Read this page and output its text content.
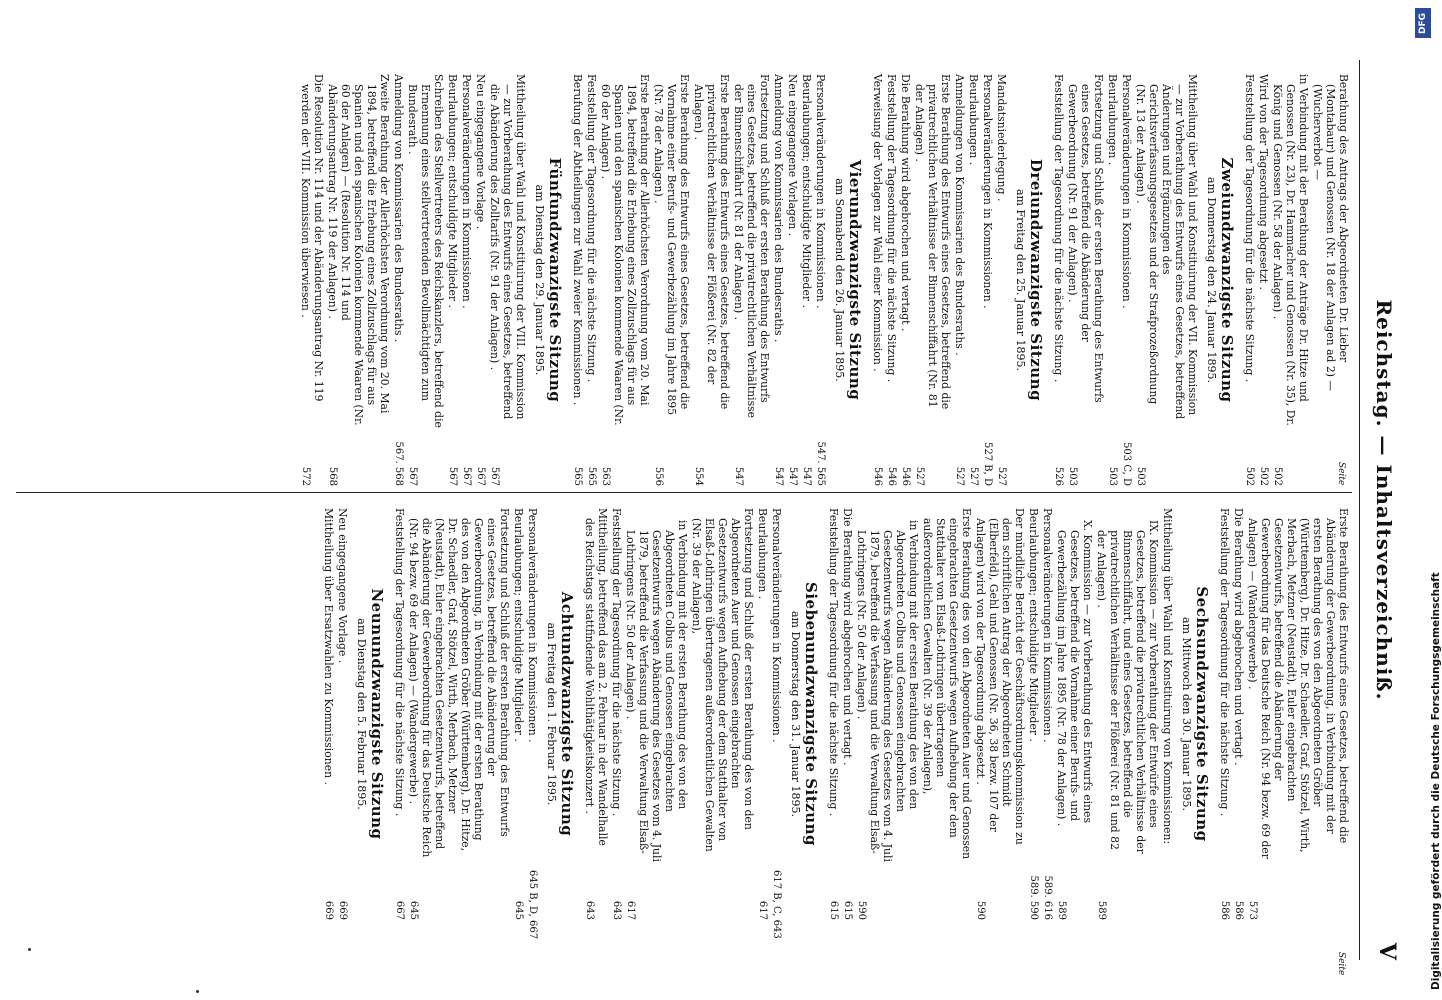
Reichstag. — Inhaltsverzeichniß.
V
Seite
Seite
Berathung des Antrags der Abgeordneten Dr. Lieber (Montabaur) und Genossen (Nr. 18 der Anlagen ad 2) — (Wucherverbot —
in Verbindung mit der Berathung der Anträge Dr. Hitze und Genossen (Nr. 23), Dr. Hammacher und Genossen (Nr. 35), Dr. König und Genossen (Nr. 58 der Anlagen) .
502
Wird von der Tagesordnung abgesetzt .
502
Feststellung der Tagesordnung für die nächste Sitzung .
502
Zweiundzwanzigste Sitzung
am Donnerstag den 24. Januar 1895.
Mittheilung über Wahl und Konstituirung der VII. Kommission — zur Vorberathung des Entwurfs eines Gesetzes, betreffend Änderungen und Ergänzungen des Gerichtsverfassungsgesetzes und der Strafprozeßordnung (Nr. 13 der Anlagen) .
503
Personalveränderungen in Kommissionen .
503 C, D
Beurlaubungen .
503
Fortsetzung und Schluß der ersten Berathung des Entwurfs eines Gesetzes, betreffend die Abänderung der Gewerbeordnung (Nr. 91 der Anlagen) .
503
Feststellung der Tagesordnung für die nächste Sitzung .
526
Dreiundzwanzigste Sitzung
am Freitag den 25. Januar 1895.
Mandatsniederlegung .
527
Personalveränderungen in Kommissionen .
527 B, D
Beurlaubungen .
527
Anmeldungen von Kommissarien des Bundesraths .
527
Erste Berathung des Entwurfs eines Gesetzes, betreffend die privatrechtlichen Verhältnisse der Binnenschiffahrt (Nr. 81 der Anlagen) .
527
Die Berathung wird abgebrochen und vertagt .
546
Feststellung der Tagesordnung für die nächste Sitzung .
546
Verweisung der Vorlagen zur Wahl einer Kommission .
546
Vierundzwanzigste Sitzung
am Sonnabend den 26. Januar 1895.
Personalveränderungen in Kommissionen .
547. 565
Beurlaubungen; entschuldigte Mitglieder .
547
Neu eingegangene Vorlagen .
547
Anmeldung von Kommissarien des Bundesraths .
547
Fortsetzung und Schluß der ersten Berathung des Entwurfs eines Gesetzes, betreffend die privatrechtlichen Verhältnisse der Binnenschiffahrt (Nr. 81 der Anlagen) .
547
Erste Berathung des Entwurfs eines Gesetzes, betreffend die privatrechtlichen Verhältnisse der Flößerei (Nr. 82 der Anlagen) .
554
Erste Berathung des Entwurfs eines Gesetzes, betreffend die Vornahme einer Berufs- und Gewerbezählung im Jahre 1895 (Nr. 78 der Anlagen) .
556
Erste Berathung der Allerhöchsten Verordnung vom 20. Mai 1894, betreffend die Erhebung eines Zollzuschlags für aus Spanien und den spanischen Kolonien kommende Waaren (Nr. 60 der Anlagen) .
563
Feststellung der Tagesordnung für die nächste Sitzung .
565
Berufung der Abtheilungen zur Wahl zweier Kommissionen .
565
Fünfundzwanzigste Sitzung
am Dienstag den 29. Januar 1895.
Mittheilung über Wahl und Konstituirung der VIII. Kommission — zur Vorberathung des Entwurfs eines Gesetzes, betreffend die Abänderung des Zolltarifs (Nr. 91 der Anlagen) .
567
Neu eingegangene Vorlage .
567
Personalveränderungen in Kommissionen .
567
Beurlaubungen; entschuldigte Mitglieder .
567
Schreiben des Stellvertreters des Reichskanzlers, betreffend die Ernennung eines stellvertretenden Bevollmächtigten zum Bundesrath .
567
Anmeldung von Kommissarien des Bundesraths .
567. 568
Zweite Berathung der Allerhöchsten Verordnung vom 20. Mai 1894, betreffend die Erhebung eines Zollzuschlags für aus Spanien und den spanischen Kolonien kommende Waaren (Nr. 60 der Anlagen) — (Resolution Nr. 114 und Abänderungsantrag Nr. 119 der Anlagen) .
568
Die Resolution Nr. 114 und der Abänderungsantrag Nr. 119 werden der VIII. Kommission überwiesen .
572
Erste Berathung des Entwurfs eines Gesetzes, betreffend die Abänderung der Gewerbeordnung, in Verbindung mit der ersten Berathung des von den Abgeordneten Gröber (Württemberg), Dr. Hitze, Dr. Schaedler, Graf, Stötzel, Wirth, Merbach, Metzner (Neustadt), Euler eingebrachten Gesetzentwurfs, betreffend die Abänderung der Gewerbeordnung für das Deutsche Reich (Nr. 94 bezw. 69 der Anlagen) — (Wandergewerbe) .
573
Die Berathung wird abgebrochen und vertagt .
586
Feststellung der Tagesordnung für die nächste Sitzung .
586
Sechsundzwanzigste Sitzung
am Mittwoch den 30. Januar 1895.
Mittheilung über Wahl und Konstituirung von Kommissionen:
IX. Kommission — zur Vorberathung der Entwürfe eines Gesetzes, betreffend die privatrechtlichen Verhältnisse der Binnenschiffahrt, und eines Gesetzes, betreffend die privatrechtlichen Verhältnisse der Flößerei (Nr. 81 und 82 der Anlagen) .
589
X. Kommission — zur Vorberathung des Entwurfs eines Gesetzes, betreffend die Vornahme einer Berufs- und Gewerbezählung im Jahre 1895 (Nr. 78 der Anlagen) .
589
Personalveränderungen in Kommissionen .
589. 616
Beurlaubungen; entschuldigte Mitglieder .
589. 590
Der mündliche Bericht der Geschäftsordnungskommission zu dem schriftlichen Antrag der Abgeordneten Schmidt (Elberfeld), Gehl und Genossen (Nr. 36, 38 bezw. 107 der Anlagen) wird von der Tagesordnung abgesetzt .
590
Erste Berathung des von den Abgeordneten Auer und Genossen eingebrachten Gesetzentwurfs wegen Aufhebung der dem Statthalter von Elsaß-Lothringen übertragenen außerordentlichen Gewalten (Nr. 39 der Anlagen),
in Verbindung mit der ersten Berathung des von den Abgeordneten Colbus und Genossen eingebrachten Gesetzentwurfs wegen Abänderung des Gesetzes vom 4. Juli 1879, betreffend die Verfassung und die Verwaltung Elsaß-Lothringens (Nr. 50 der Anlagen) .
590
Die Berathung wird abgebrochen und vertagt .
615
Feststellung der Tagesordnung für die nächste Sitzung .
615
Siebenundzwanzigste Sitzung
am Donnerstag den 31. Januar 1895.
Personalveränderungen in Kommissionen .
617 B, C, 643
Beurlaubungen .
617
Fortsetzung und Schluß der ersten Berathung des von den Abgeordneten Auer und Genossen eingebrachten Gesetzentwurfs wegen Aufhebung der dem Statthalter von Elsaß-Lothringen übertragenen außerordentlichen Gewalten (Nr. 39 der Anlagen),
in Verbindung mit der ersten Berathung des von den Abgeordneten Colbus und Genossen eingebrachten Gesetzentwurfs wegen Abänderung des Gesetzes vom 4. Juli 1879, betreffend die Verfassung und die Verwaltung Elsaß-Lothringens (Nr. 50 der Anlagen) .
617
Feststellung der Tagesordnung für die nächste Sitzung .
643
Mittheilung, betreffend das am 2. Februar in der Wandelhalle des Reichstags stattfindende Wohlthätigkeitskonzert .
643
Achtundzwanzigste Sitzung
am Freitag den 1. Februar 1895.
Personalveränderungen in Kommissionen .
645 B, D, 667
Beurlaubungen; entschuldigte Mitglieder .
645
Fortsetzung und Schluß der ersten Berathung des Entwurfs eines Gesetzes, betreffend die Abänderung der Gewerbeordnung, in Verbindung mit der ersten Berathung des von den Abgeordneten Gröber (Württemberg), Dr. Hitze, Dr. Schaedler, Graf, Stötzel, Wirth, Merbach, Metzner (Neustadt), Euler eingebrachten Gesetzentwurfs, betreffend die Abänderung der Gewerbeordnung für das Deutsche Reich (Nr. 94 bezw. 69 der Anlagen) — (Wandergewerbe) .
645
Feststellung der Tagesordnung für die nächste Sitzung .
667
Neunundzwanzigste Sitzung
am Dienstag den 5. Februar 1895.
Neu eingegangene Vorlage .
669
Mittheilung über Ersatzwahlen zu Kommissionen .
669
DFG
Digitalisierung gefördert durch die Deutsche Forschungsgemeinschaft
